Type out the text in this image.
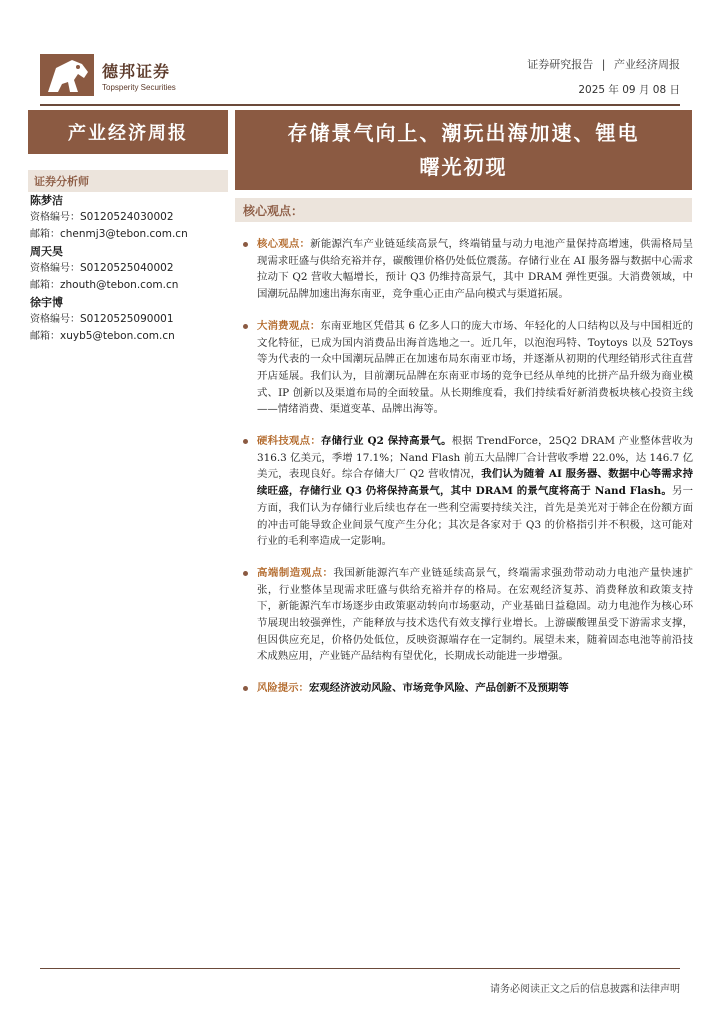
德邦证券
Topsperity Securities
证券研究报告 | 产业经济周报
2025 年 09 月 08 日
产业经济周报
证券分析师
陈梦洁
资格编号：S0120524030002
邮箱：chenmj3@tebon.com.cn
周天昊
资格编号：S0120525040002
邮箱：zhouth@tebon.com.cn
徐宇博
资格编号：S0120525090001
邮箱：xuyb5@tebon.com.cn
存储景气向上、潮玩出海加速、锂电
曙光初现
核心观点：
核心观点：新能源汽车产业链延续高景气，终端销量与动力电池产量保持高增速，供需格局呈现需求旺盛与供给充裕并存，碳酸锂价格仍处低位震荡。存储行业在 AI 服务器与数据中心需求拉动下 Q2 营收大幅增长，预计 Q3 仍维持高景气，其中 DRAM 弹性更强。大消费领域，中国潮玩品牌加速出海东南亚，竞争重心正由产品向模式与渠道拓展。
大消费观点：东南亚地区凭借其 6 亿多人口的庞大市场、年轻化的人口结构以及与中国相近的文化特征，已成为国内消费品出海首选地之一。近几年，以泡泡玛特、Toytoys 以及 52Toys 等为代表的一众中国潮玩品牌正在加速布局东南亚市场，并逐渐从初期的代理经销形式往直营开店延展。我们认为，目前潮玩品牌在东南亚市场的竞争已经从单纯的比拼产品升级为商业模式、IP 创新以及渠道布局的全面较量。从长期维度看，我们持续看好新消费板块核心投资主线——情绪消费、渠道变革、品牌出海等。
硬科技观点：存储行业 Q2 保持高景气。根据 TrendForce，25Q2 DRAM 产业整体营收为 316.3 亿美元，季增 17.1%；Nand Flash 前五大品牌厂合计营收季增 22.0%，达 146.7 亿美元，表现良好。综合存储大厂 Q2 营收情况，我们认为随着 AI 服务器、数据中心等需求持续旺盛，存储行业 Q3 仍将保持高景气，其中 DRAM 的景气度将高于 Nand Flash。另一方面，我们认为存储行业后续也存在一些利空需要持续关注，首先是美光对于韩企在份额方面的冲击可能导致企业间景气度产生分化；其次是各家对于 Q3 的价格指引并不积极，这可能对行业的毛利率造成一定影响。
高端制造观点：我国新能源汽车产业链延续高景气，终端需求强劲带动动力电池产量快速扩张，行业整体呈现需求旺盛与供给充裕并存的格局。在宏观经济复苏、消费释放和政策支持下，新能源汽车市场逐步由政策驱动转向市场驱动，产业基础日益稳固。动力电池作为核心环节展现出较强弹性，产能释放与技术迭代有效支撑行业增长。上游碳酸锂虽受下游需求支撑，但因供应充足，价格仍处低位，反映资源端存在一定制约。展望未来，随着固态电池等前沿技术成熟应用，产业链产品结构有望优化，长期成长动能进一步增强。
风险提示：宏观经济波动风险、市场竞争风险、产品创新不及预期等
请务必阅读正文之后的信息披露和法律声明
